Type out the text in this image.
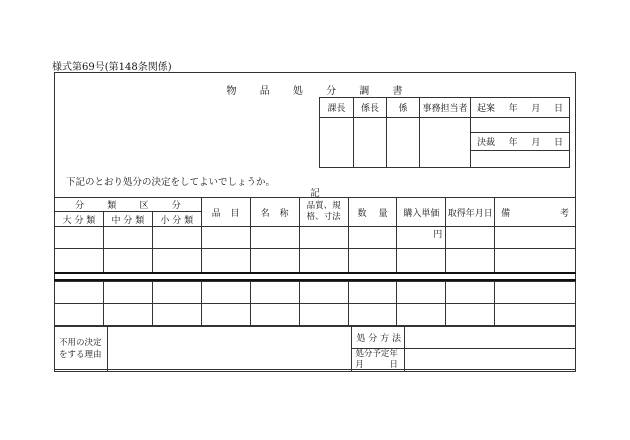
様式第69号(第148条関係)
物 品 処 分 調 書
課長	係長	係	事務担当者	起案 年 月 日

				決裁 年 月 日

下記のとおり処分の決定をしてよいでしょうか。
記
分 類 区 分			品 目	名 称	品質、規格、寸法	数 量	購入単価	取得年月日	備 考

大 分 類	中 分 類	小 分 類							
							円		

不用の決定をする理由		処 分 方 法	
		処分予定年月　　　日	
